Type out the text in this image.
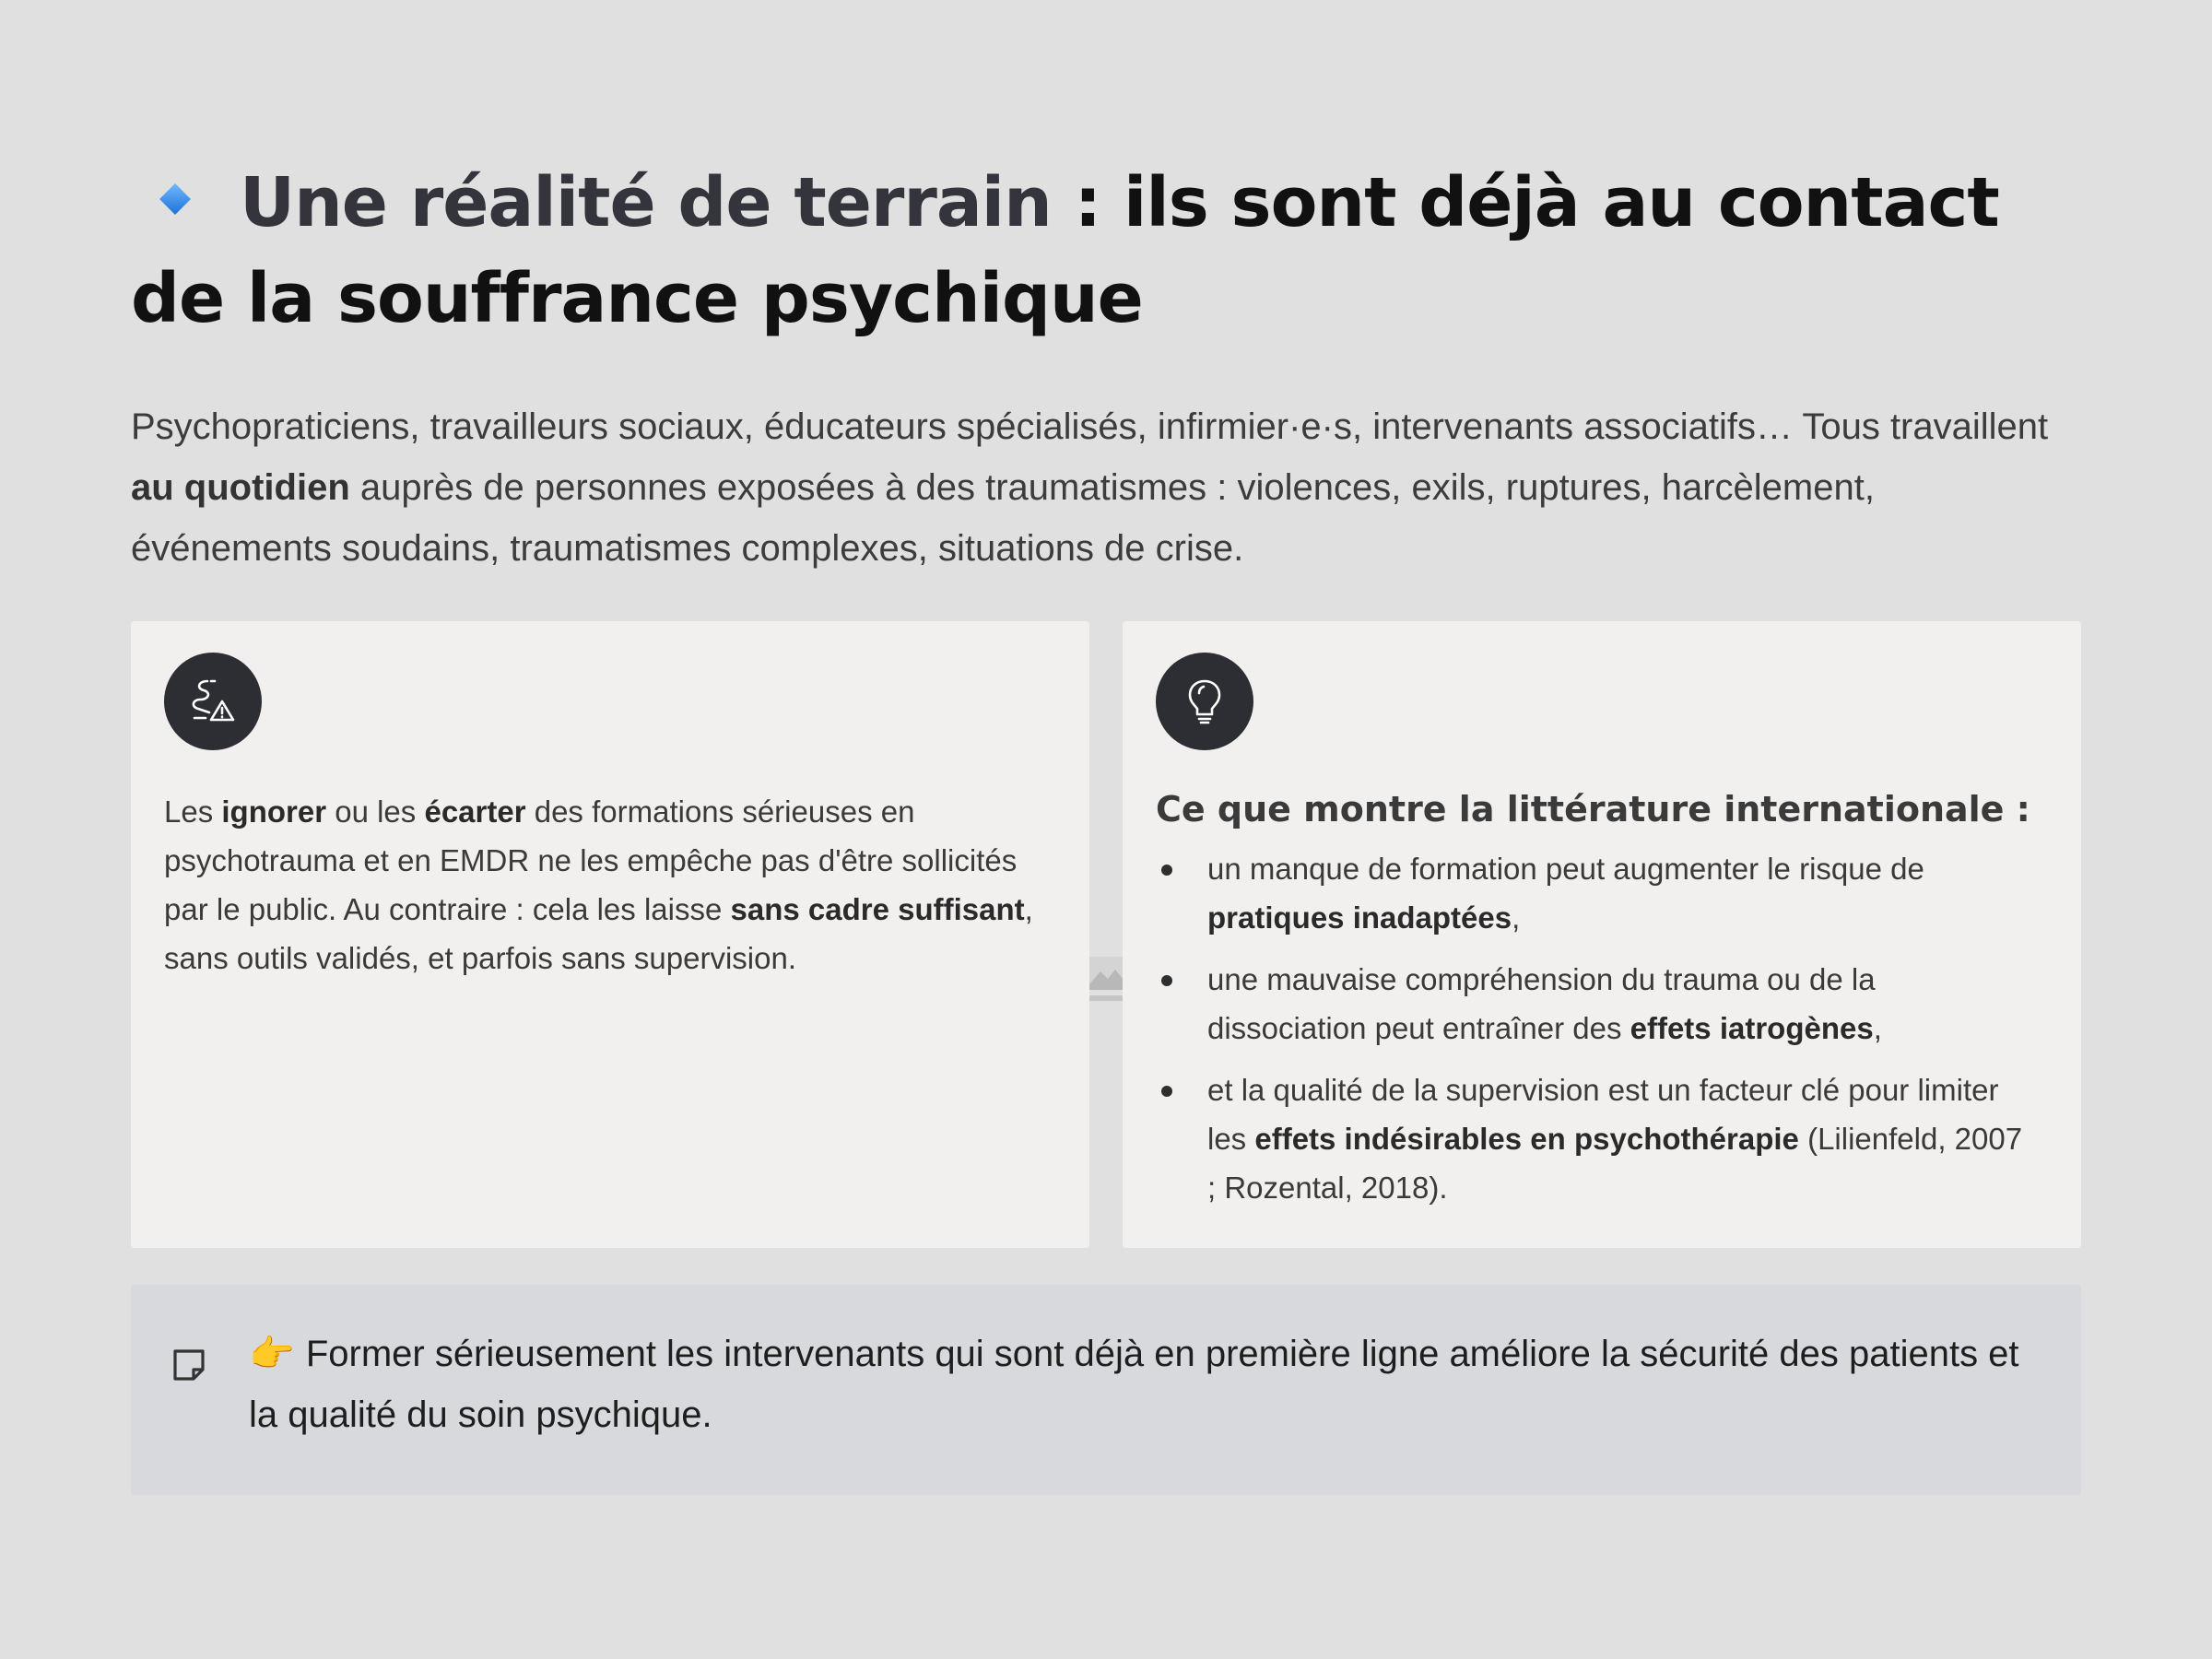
Une réalité de terrain : ils sont déjà au contact de la souffrance psychique
Psychopraticiens, travailleurs sociaux, éducateurs spécialisés, infirmier·e·s, intervenants associatifs… Tous travaillent au quotidien auprès de personnes exposées à des traumatismes : violences, exils, ruptures, harcèlement, événements soudains, traumatismes complexes, situations de crise.
Les ignorer ou les écarter des formations sérieuses en psychotrauma et en EMDR ne les empêche pas d'être sollicités par le public. Au contraire : cela les laisse sans cadre suffisant, sans outils validés, et parfois sans supervision.
Ce que montre la littérature internationale :
un manque de formation peut augmenter le risque de pratiques inadaptées,
une mauvaise compréhension du trauma ou de la dissociation peut entraîner des effets iatrogènes,
et la qualité de la supervision est un facteur clé pour limiter les effets indésirables en psychothérapie (Lilienfeld, 2007 ; Rozental, 2018).
👉 Former sérieusement les intervenants qui sont déjà en première ligne améliore la sécurité des patients et la qualité du soin psychique.
